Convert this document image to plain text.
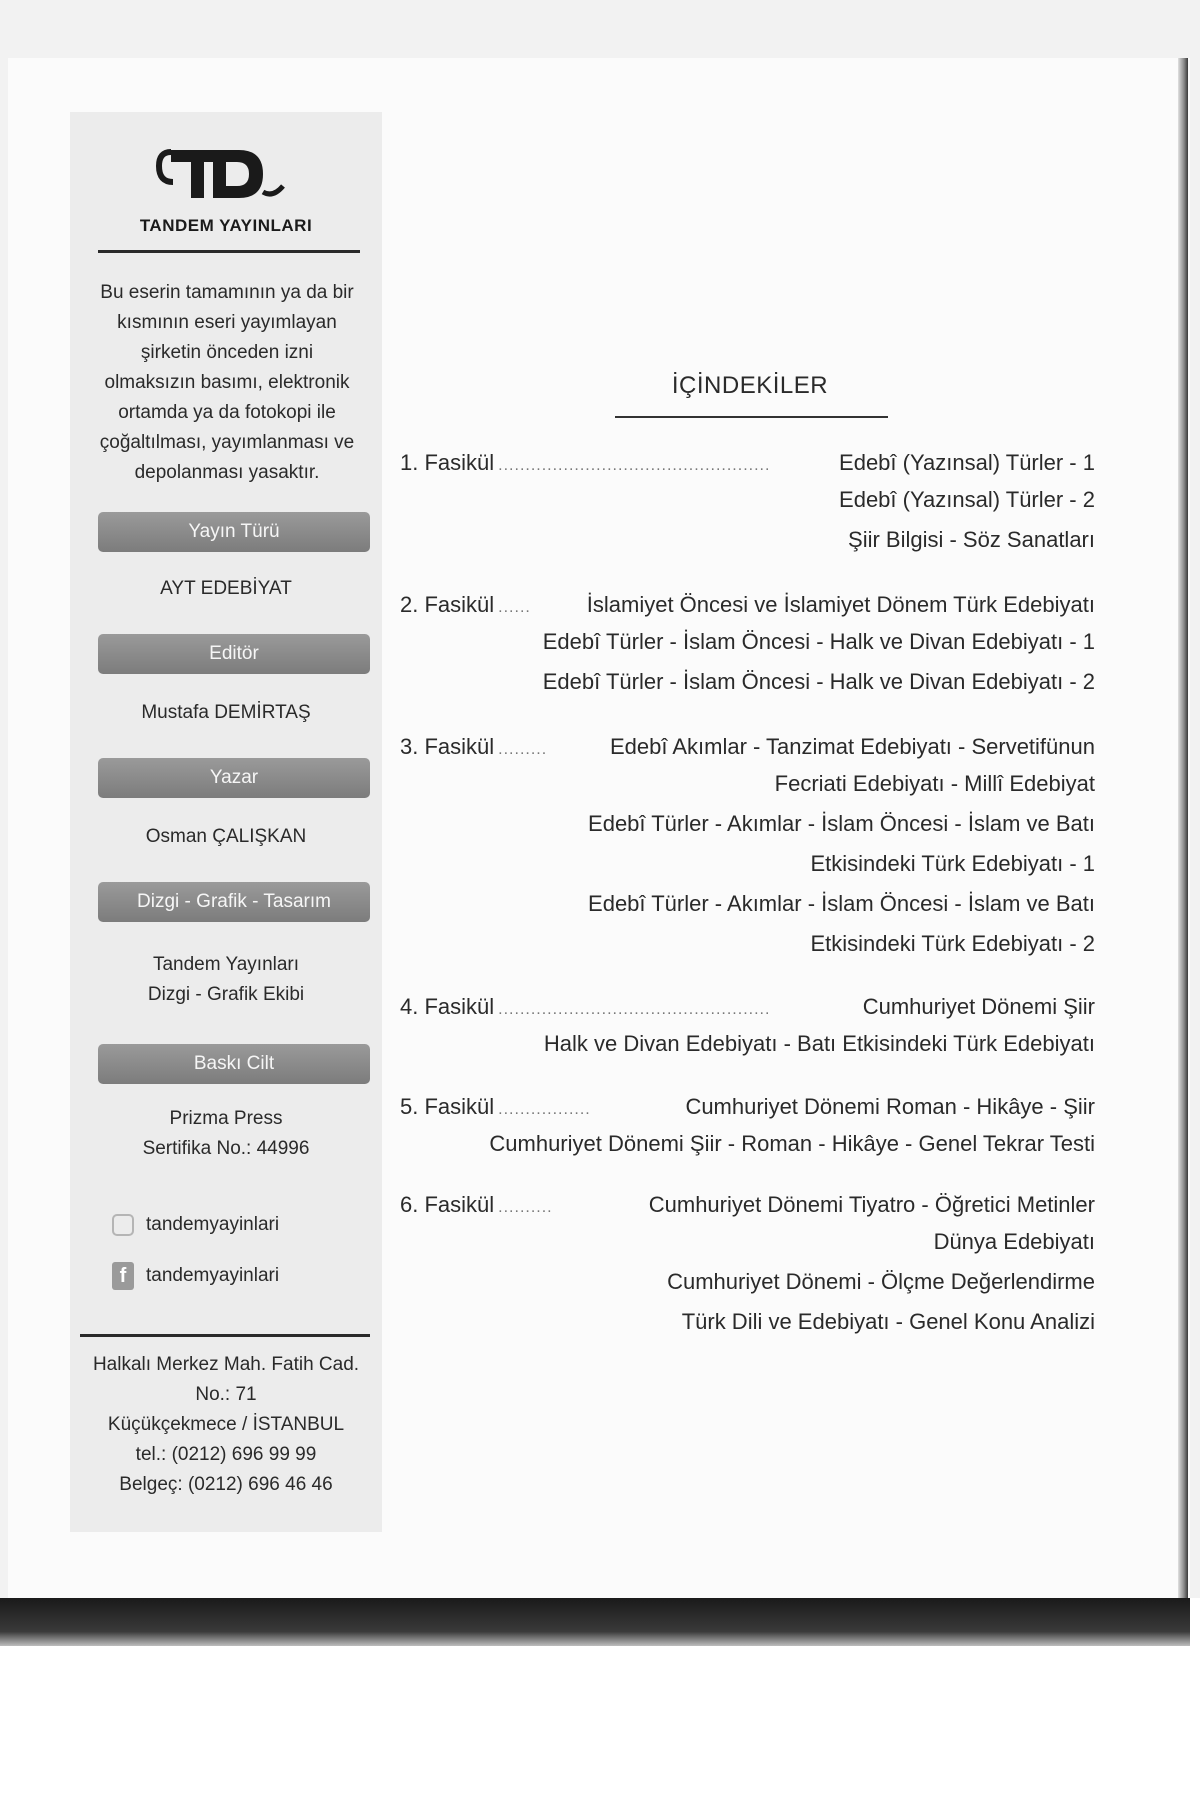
TANDEM YAYINLARI
Bu eserin tamamının ya da bir kısmının eseri yayımlayan şirketin önceden izni olmaksızın basımı, elektronik ortamda ya da fotokopi ile çoğaltılması, yayımlanması ve depolanması yasaktır.
Yayın Türü
AYT EDEBİYAT
Editör
Mustafa DEMİRTAŞ
Yazar
Osman ÇALIŞKAN
Dizgi - Grafik - Tasarım
Tandem Yayınları
Dizgi - Grafik Ekibi
Baskı Cilt
Prizma Press
Sertifika No.: 44996
tandemyayinlari
f	tandemyayinlari
Halkalı Merkez Mah. Fatih Cad.
No.: 71
Küçükçekmece / İSTANBUL
tel.: (0212) 696 99 99
Belgeç: (0212) 696 46 46
İÇİNDEKİLER
1. Fasikül ..................................................	Edebî (Yazınsal) Türler - 1
Edebî (Yazınsal) Türler - 2
Şiir Bilgisi - Söz Sanatları
2. Fasikül ......	İslamiyet Öncesi ve İslamiyet Dönem Türk Edebiyatı
Edebî Türler - İslam Öncesi - Halk ve Divan Edebiyatı - 1
Edebî Türler - İslam Öncesi - Halk ve Divan Edebiyatı - 2
3. Fasikül .........	Edebî Akımlar - Tanzimat Edebiyatı - Servetifünun
Fecriati Edebiyatı - Millî Edebiyat
Edebî Türler - Akımlar - İslam Öncesi - İslam ve Batı
Etkisindeki Türk Edebiyatı - 1
Edebî Türler - Akımlar - İslam Öncesi - İslam ve Batı
Etkisindeki Türk Edebiyatı - 2
4. Fasikül ..................................................	Cumhuriyet Dönemi Şiir
Halk ve Divan Edebiyatı - Batı Etkisindeki Türk Edebiyatı
5. Fasikül .................	Cumhuriyet Dönemi Roman - Hikâye - Şiir
Cumhuriyet Dönemi Şiir - Roman - Hikâye - Genel Tekrar Testi
6. Fasikül ..........	Cumhuriyet Dönemi Tiyatro - Öğretici Metinler
Dünya Edebiyatı
Cumhuriyet Dönemi - Ölçme Değerlendirme
Türk Dili ve Edebiyatı - Genel Konu Analizi
